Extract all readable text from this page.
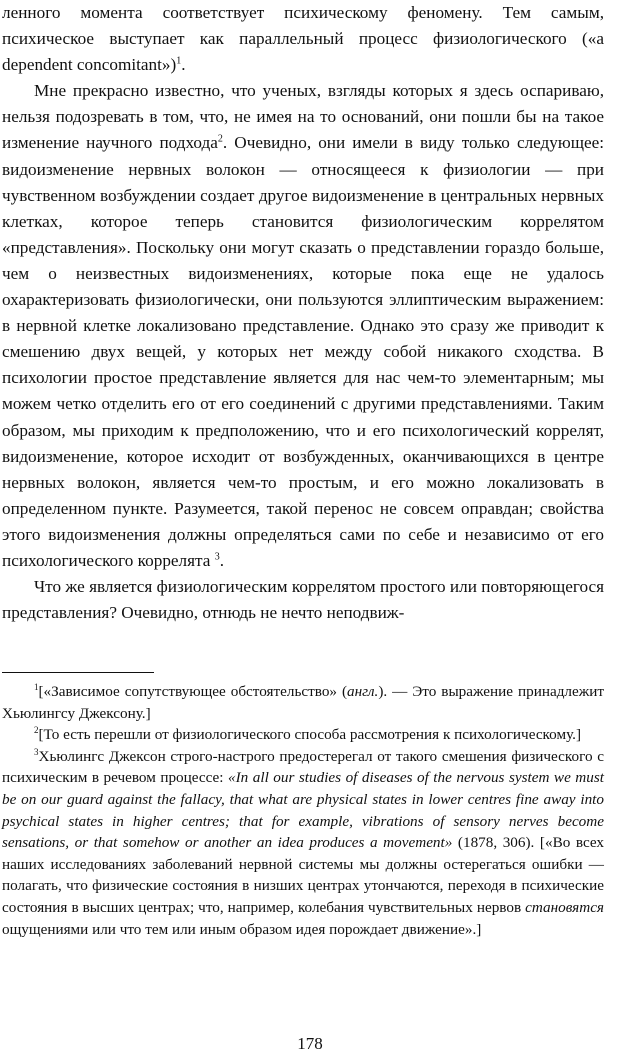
ленного момента соответствует психическому феномену. Тем самым, психическое выступает как параллельный процесс физиологического («a dependent concomitant»)$^1$.

Мне прекрасно известно, что ученых, взгляды которых я здесь оспариваю, нельзя подозревать в том, что, не имея на то оснований, они пошли бы на такое изменение научного подхода$^2$. Очевидно, они имели в виду только следующее: видоизменение нервных волокон — относящееся к физиологии — при чувственном возбуждении создает другое видоизменение в центральных нервных клетках, которое теперь становится физиологическим коррелятом «представления». Поскольку они могут сказать о представлении гораздо больше, чем о неизвестных видоизменениях, которые пока еще не удалось охарактеризовать физиологически, они пользуются эллиптическим выражением: в нервной клетке локализовано представление. Однако это сразу же приводит к смешению двух вещей, у которых нет между собой никакого сходства. В психологии простое представление является для нас чем-то элементарным; мы можем четко отделить его от его соединений с другими представлениями. Таким образом, мы приходим к предположению, что и его психологический коррелят, видоизменение, которое исходит от возбужденных, оканчивающихся в центре нервных волокон, является чем-то простым, и его можно локализовать в определенном пункте. Разумеется, такой перенос не совсем оправдан; свойства этого видоизменения должны определяться сами по себе и независимо от его психологического коррелята $^3$.

Что же является физиологическим коррелятом простого или повторяющегося представления? Очевидно, отнюдь не нечто неподвиж-

$^1$[«Зависимое сопутствующее обстоятельство» (англ.). — Это выражение принадлежит Хьюлингсу Джексону.]

$^2$[То есть перешли от физиологического способа рассмотрения к психологическому.]

$^3$Хьюлингс Джексон строго-настрого предостерегал от такого смешения физического с психическим в речевом процессе: «In all our studies of diseases of the nervous system we must be on our guard against the fallacy, that what are physical states in lower centres fine away into psychical states in higher centres; that for example, vibrations of sensory nerves become sensations, or that somehow or another an idea produces a movement» (1878, 306). [«Во всех наших исследованиях заболеваний нервной системы мы должны остерегаться ошибки — полагать, что физические состояния в низших центрах утончаются, переходя в психические состояния в высших центрах; что, например, колебания чувствительных нервов становятся ощущениями или что тем или иным образом идея порождает движение».]

178
